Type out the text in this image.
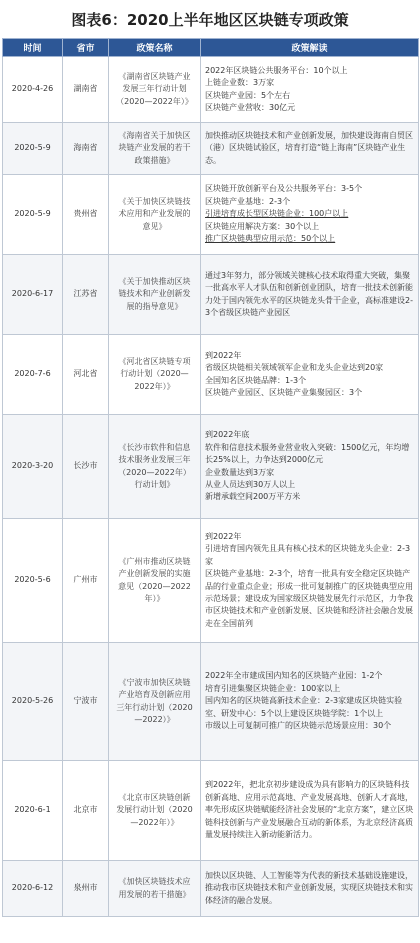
图表6：2020上半年地区区块链专项政策
时间	省市	政策名称	政策解读
2020-4-26	湖南省	《湖南省区块链产业发展三年行动计划（2020—2022年）》	2022年区块链公共服务平台：10个以上
上链企业数：3万家
区块链产业园：5个左右
区块链产业营收：30亿元

2020-5-9	海南省	《海南省关于加快区块链产业发展的若干政策措施》	加快推动区块链技术和产业创新发展，加快建设海南自贸区（港）区块链试验区，培育打造“链上海南”区块链产业生态。

2020-5-9	贵州省	《关于加快区块链技术应用和产业发展的意见》	区块链开放创新平台及公共服务平台：3-5个
区块链产业基地：2-3个
引进培育成长型区块链企业：100户以上
区块链应用解决方案：30个以上
推广区块链典型应用示范：50个以上

2020-6-17	江苏省	《关于加快推动区块链技术和产业创新发展的指导意见》	通过3年努力，部分领域关键核心技术取得重大突破，集聚一批高水平人才队伍和创新创业团队，培育一批技术创新能力处于国内领先水平的区块链龙头骨干企业，高标准建设2-3个省级区块链产业园区

2020-7-6	河北省	《河北省区块链专项行动计划（2020—2022年）》	到2022年
省级区块链相关领域领军企业和龙头企业达到20家
全国知名区块链品牌：1-3个
区块链产业园区、区块链产业集聚园区：3个

2020-3-20	长沙市	《长沙市软件和信息技术服务业发展三年（2020—2022年）行动计划》	到2022年底
软件和信息技术服务业营业收入突破：1500亿元，年均增长25%以上，力争达到2000亿元
企业数量达到3万家
从业人员达到30万人以上
新增承载空间200万平方米

2020-5-6	广州市	《广州市推动区块链产业创新发展的实施意见（2020—2022年）》	到2022年
引进培育国内领先且具有核心技术的区块链龙头企业：2-3家
区块链产业基地：2-3个，培育一批具有安全稳定区块链产品的行业重点企业；形成一批可复制推广的区块链典型应用示范场景；建设成为国家级区块链发展先行示范区，力争我市区块链技术和产业创新发展、区块链和经济社会融合发展走在全国前列

2020-5-26	宁波市	《宁波市加快区块链产业培育及创新应用三年行动计划（2020—2022）》	2022年全市建成国内知名的区块链产业园：1-2个
培育引进集聚区块链企业：100家以上
国内知名的区块链高新技术企业：2-3家建成区块链实验室、研发中心：5个以上建设区块链学院：1个以上
市级以上可复制可推广的区块链示范场景应用：30个

2020-6-1	北京市	《北京市区块链创新发展行动计划（2020—2022年）》	到2022年，把北京初步建设成为具有影响力的区块链科技创新高地、应用示范高地、产业发展高地、创新人才高地，率先形成区块链赋能经济社会发展的“北京方案”，建立区块链科技创新与产业发展融合互动的新体系，为北京经济高质量发展持续注入新动能新活力。

2020-6-12	泉州市	《加快区块链技术应用发展的若干措施》	加快以区块链、人工智能等为代表的新技术基础设施建设，推动我市区块链技术和产业创新发展，实现区块链技术和实体经济的融合发展。
